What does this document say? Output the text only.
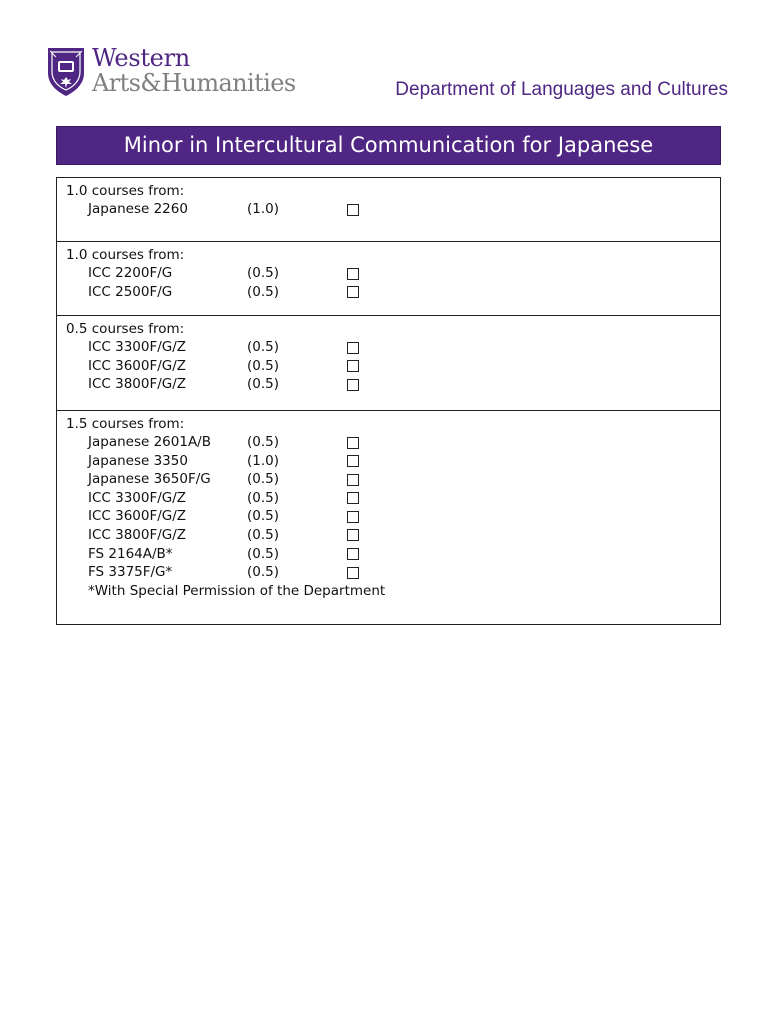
Western
Arts&Humanities	Department of Languages and Cultures
Minor in Intercultural Communication for Japanese
1.0 courses from:
Japanese 2260	(1.0)
1.0 courses from:
ICC 2200F/G	(0.5)
ICC 2500F/G	(0.5)
0.5 courses from:
ICC 3300F/G/Z	(0.5)
ICC 3600F/G/Z	(0.5)
ICC 3800F/G/Z	(0.5)
1.5 courses from:
Japanese 2601A/B	(0.5)
Japanese 3350	(1.0)
Japanese 3650F/G	(0.5)
ICC 3300F/G/Z	(0.5)
ICC 3600F/G/Z	(0.5)
ICC 3800F/G/Z	(0.5)
FS 2164A/B*	(0.5)
FS 3375F/G*	(0.5)
*With Special Permission of the Department
